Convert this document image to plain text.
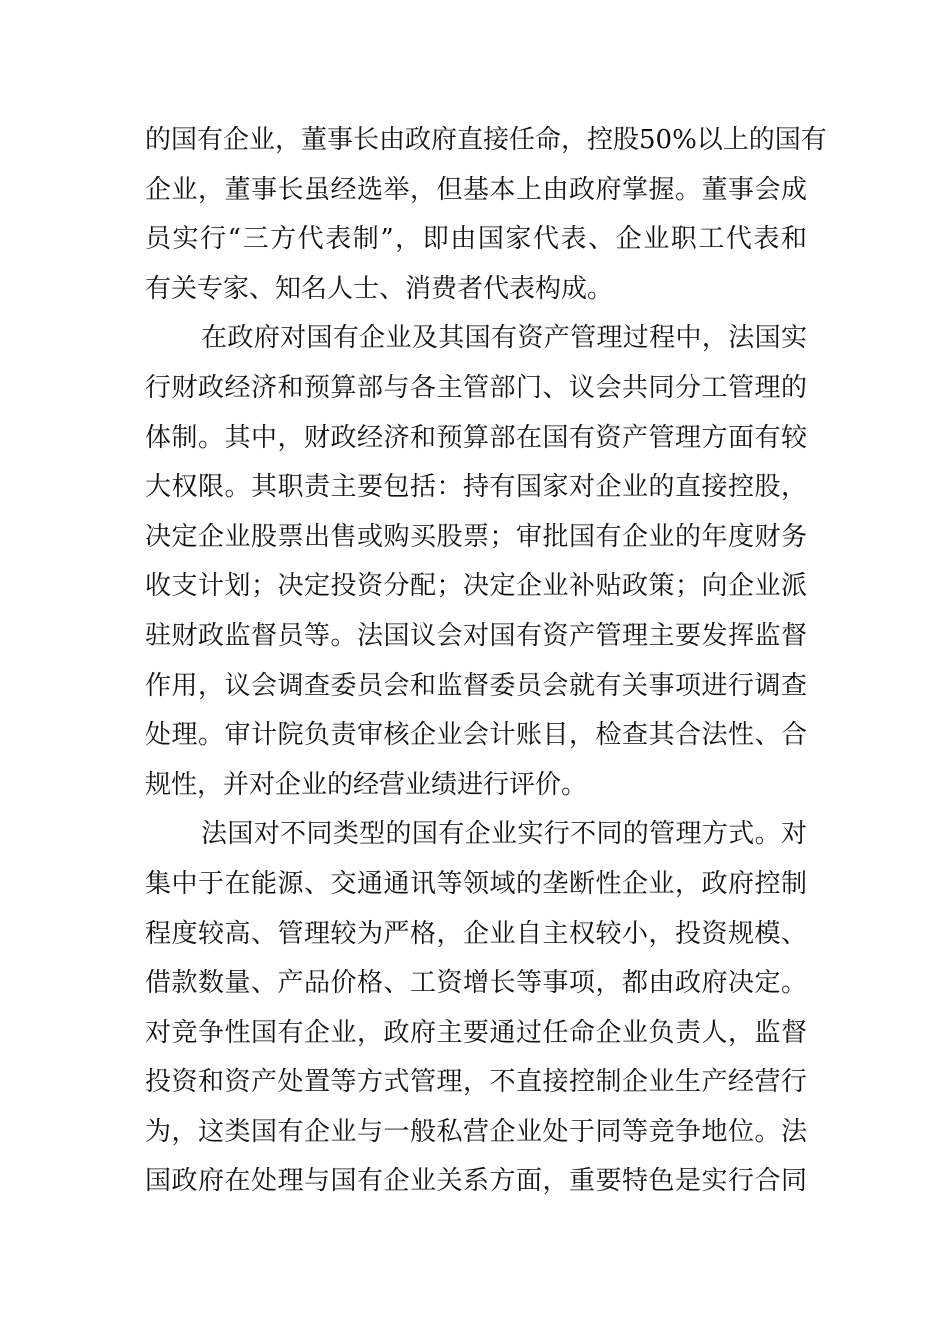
的国有企业，董事长由政府直接任命，控股50%以上的国有
企业，董事长虽经选举，但基本上由政府掌握。董事会成
员实行“三方代表制”，即由国家代表、企业职工代表和
有关专家、知名人士、消费者代表构成。
在政府对国有企业及其国有资产管理过程中，法国实
行财政经济和预算部与各主管部门、议会共同分工管理的
体制。其中，财政经济和预算部在国有资产管理方面有较
大权限。其职责主要包括：持有国家对企业的直接控股，
决定企业股票出售或购买股票；审批国有企业的年度财务
收支计划；决定投资分配；决定企业补贴政策；向企业派
驻财政监督员等。法国议会对国有资产管理主要发挥监督
作用，议会调查委员会和监督委员会就有关事项进行调查
处理。审计院负责审核企业会计账目，检查其合法性、合
规性，并对企业的经营业绩进行评价。
法国对不同类型的国有企业实行不同的管理方式。对
集中于在能源、交通通讯等领域的垄断性企业，政府控制
程度较高、管理较为严格，企业自主权较小，投资规模、
借款数量、产品价格、工资增长等事项，都由政府决定。
对竞争性国有企业，政府主要通过任命企业负责人，监督
投资和资产处置等方式管理，不直接控制企业生产经营行
为，这类国有企业与一般私营企业处于同等竞争地位。法
国政府在处理与国有企业关系方面，重要特色是实行合同
